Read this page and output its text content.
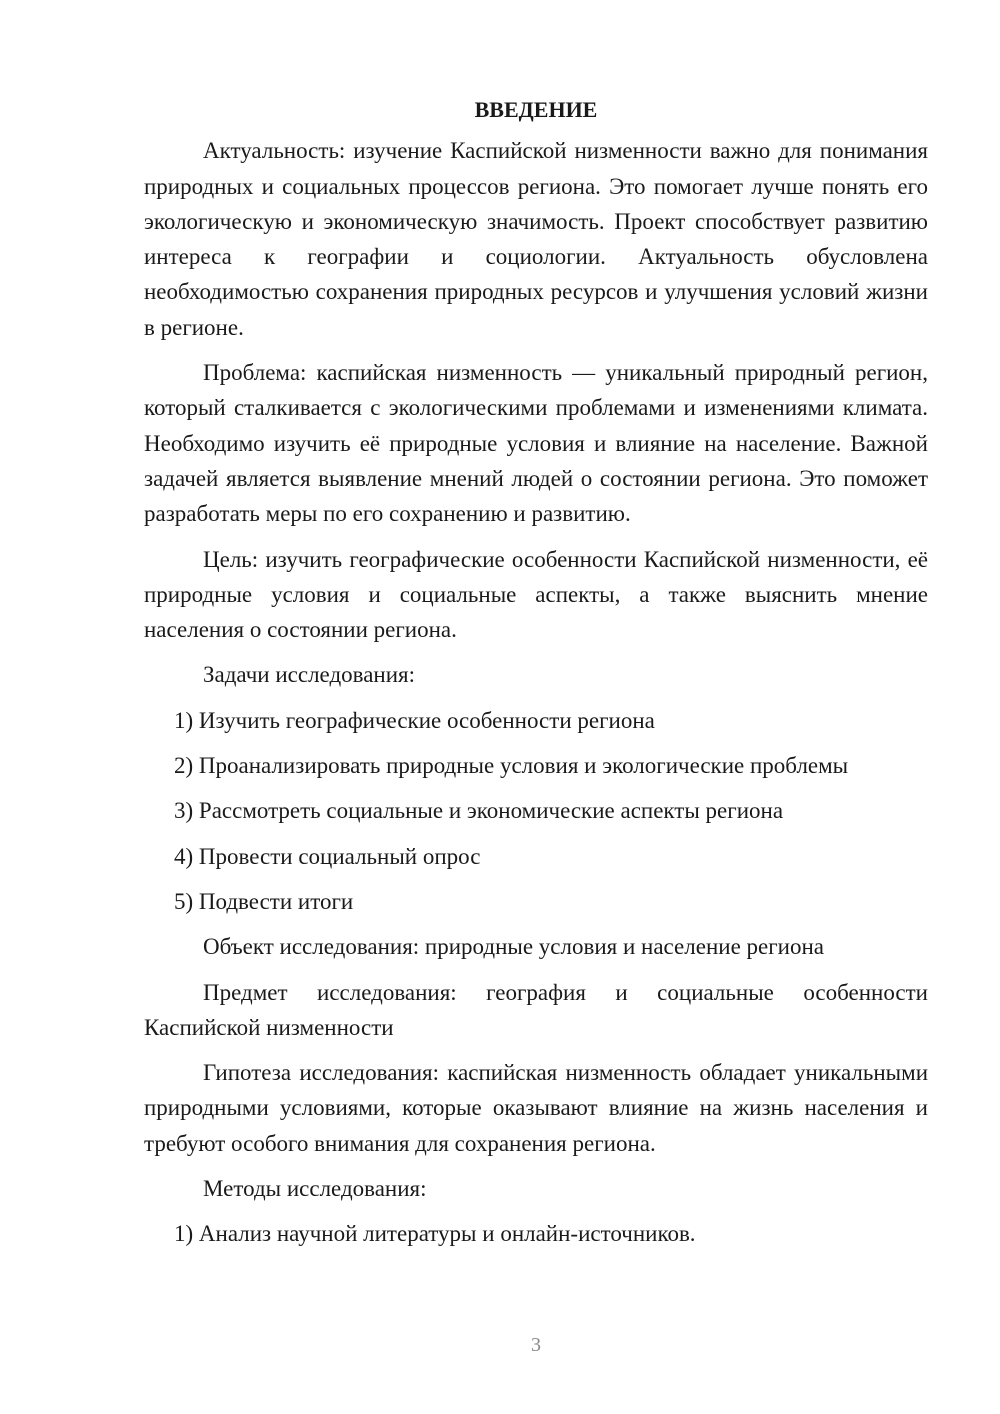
ВВЕДЕНИЕ

Актуальность: изучение Каспийской низменности важно для понимания природных и социальных процессов региона. Это помогает лучше понять его экологическую и экономическую значимость. Проект способствует развитию интереса к географии и социологии. Актуальность обусловлена необходимостью сохранения природных ресурсов и улучшения условий жизни в регионе.

Проблема: каспийская низменность — уникальный природный регион, который сталкивается с экологическими проблемами и изменениями климата. Необходимо изучить её природные условия и влияние на население. Важной задачей является выявление мнений людей о состоянии региона. Это поможет разработать меры по его сохранению и развитию.

Цель: изучить географические особенности Каспийской низменности, её природные условия и социальные аспекты, а также выяснить мнение населения о состоянии региона.

Задачи исследования:

1) Изучить географические особенности региона
2) Проанализировать природные условия и экологические проблемы
3) Рассмотреть социальные и экономические аспекты региона
4) Провести социальный опрос
5) Подвести итоги

Объект исследования: природные условия и население региона

Предмет исследования: география и социальные особенности Каспийской низменности

Гипотеза исследования: каспийская низменность обладает уникальными природными условиями, которые оказывают влияние на жизнь населения и требуют особого внимания для сохранения региона.

Методы исследования:

1) Анализ научной литературы и онлайн-источников.
3
